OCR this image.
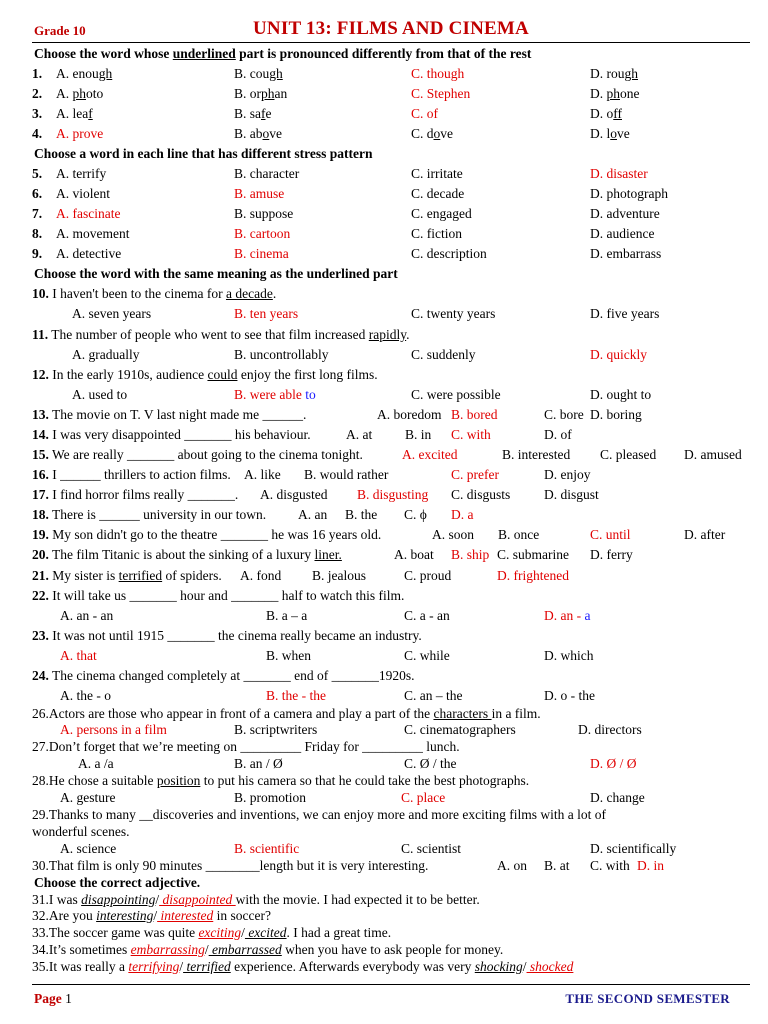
Grade 10	UNIT 13: FILMS AND CINEMA
Choose the word whose underlined part is pronounced differently from that of the rest
1. A. enough	B. cough	C. though	D. rough
2. A. photo	B. orphan	C. Stephen	D. phone
3. A. leaf	B. safe	C. of	D. off
4. A. prove	B. above	C. dove	D. love
Choose a word in each line that has different stress pattern
5. A. terrify	B. character	C. irritate	D. disaster
6. A. violent	B. amuse	C. decade	D. photograph
7. A. fascinate	B. suppose	C. engaged	D. adventure
8. A. movement	B. cartoon	C. fiction	D. audience
9. A. detective	B. cinema	C. description	D. embarrass
Choose the word with the same meaning as the underlined part
10. I haven't been to the cinema for a decade.
A. seven years	B. ten years	C. twenty years	D. five years
11. The number of people who went to see that film increased rapidly.
A. gradually	B. uncontrollably	C. suddenly	D. quickly
12. In the early 1910s, audience could enjoy the first long films.
A. used to	B. were able to	C. were possible	D. ought to
13. The movie on T. V last night made me ______.	A. boredom B. bored	C. bore D. boring
14. I was very disappointed _______ his behaviour.	A. at B. in C. with	D. of
15. We are really _______ about going to the cinema tonight.	A. excited	B. interested C. pleased D. amused
16. I ______ thrillers to action films. A. like B. would rather	C. prefer	D. enjoy
17. I find horror films really _______. A. disgusted B. disgusting C. disgusts D. disgust
18. There is ______ university in our town. A. an B. the C. ϕ D. a
19. My son didn't go to the theatre _______ he was 16 years old.	A. soon B. once	C. until	D. after
20. The film Titanic is about the sinking of a luxury liner.	A. boat B. ship C. submarine D. ferry
21. My sister is terrified of spiders. A. fond B. jealous	C. proud	D. frightened
22. It will take us _______ hour and _______ half to watch this film.
A. an - an	B. a – a	C. a - an	D. an - a
23. It was not until 1915 _______ the cinema really became an industry.
A. that	B. when	C. while	D. which
24. The cinema changed completely at _______ end of _______1920s.
A. the - o	B. the - the	C. an – the	D. o - the
26.Actors are those who appear in front of a camera and play a part of the characters in a film.
A. persons in a film	B. scriptwriters	C. cinematographers	D. directors
27.Don’t forget that we’re meeting on _________ Friday for _________ lunch.
A. a /a	B. an / Ø	C. Ø / the	D. Ø / Ø
28.He chose a suitable position to put his camera so that he could take the best photographs.
A. gesture	B. promotion	C. place	D. change
29.Thanks to many __discoveries and inventions, we can enjoy more and more exciting films with a lot of
wonderful scenes.
A. science	B. scientific	C. scientist	D. scientifically
30.That film is only 90 minutes ________length but it is very interesting.	A. on B. at C. with D. in
Choose the correct adjective.
31.I was disappointing/ disappointed with the movie. I had expected it to be better.
32.Are you interesting/ interested in soccer?
33.The soccer game was quite exciting/ excited. I had a great time.
34.It’s sometimes embarrassing/ embarrassed when you have to ask people for money.
35.It was really a terrifying/ terrified experience. Afterwards everybody was very shocking/ shocked
Page 1	THE SECOND SEMESTER
